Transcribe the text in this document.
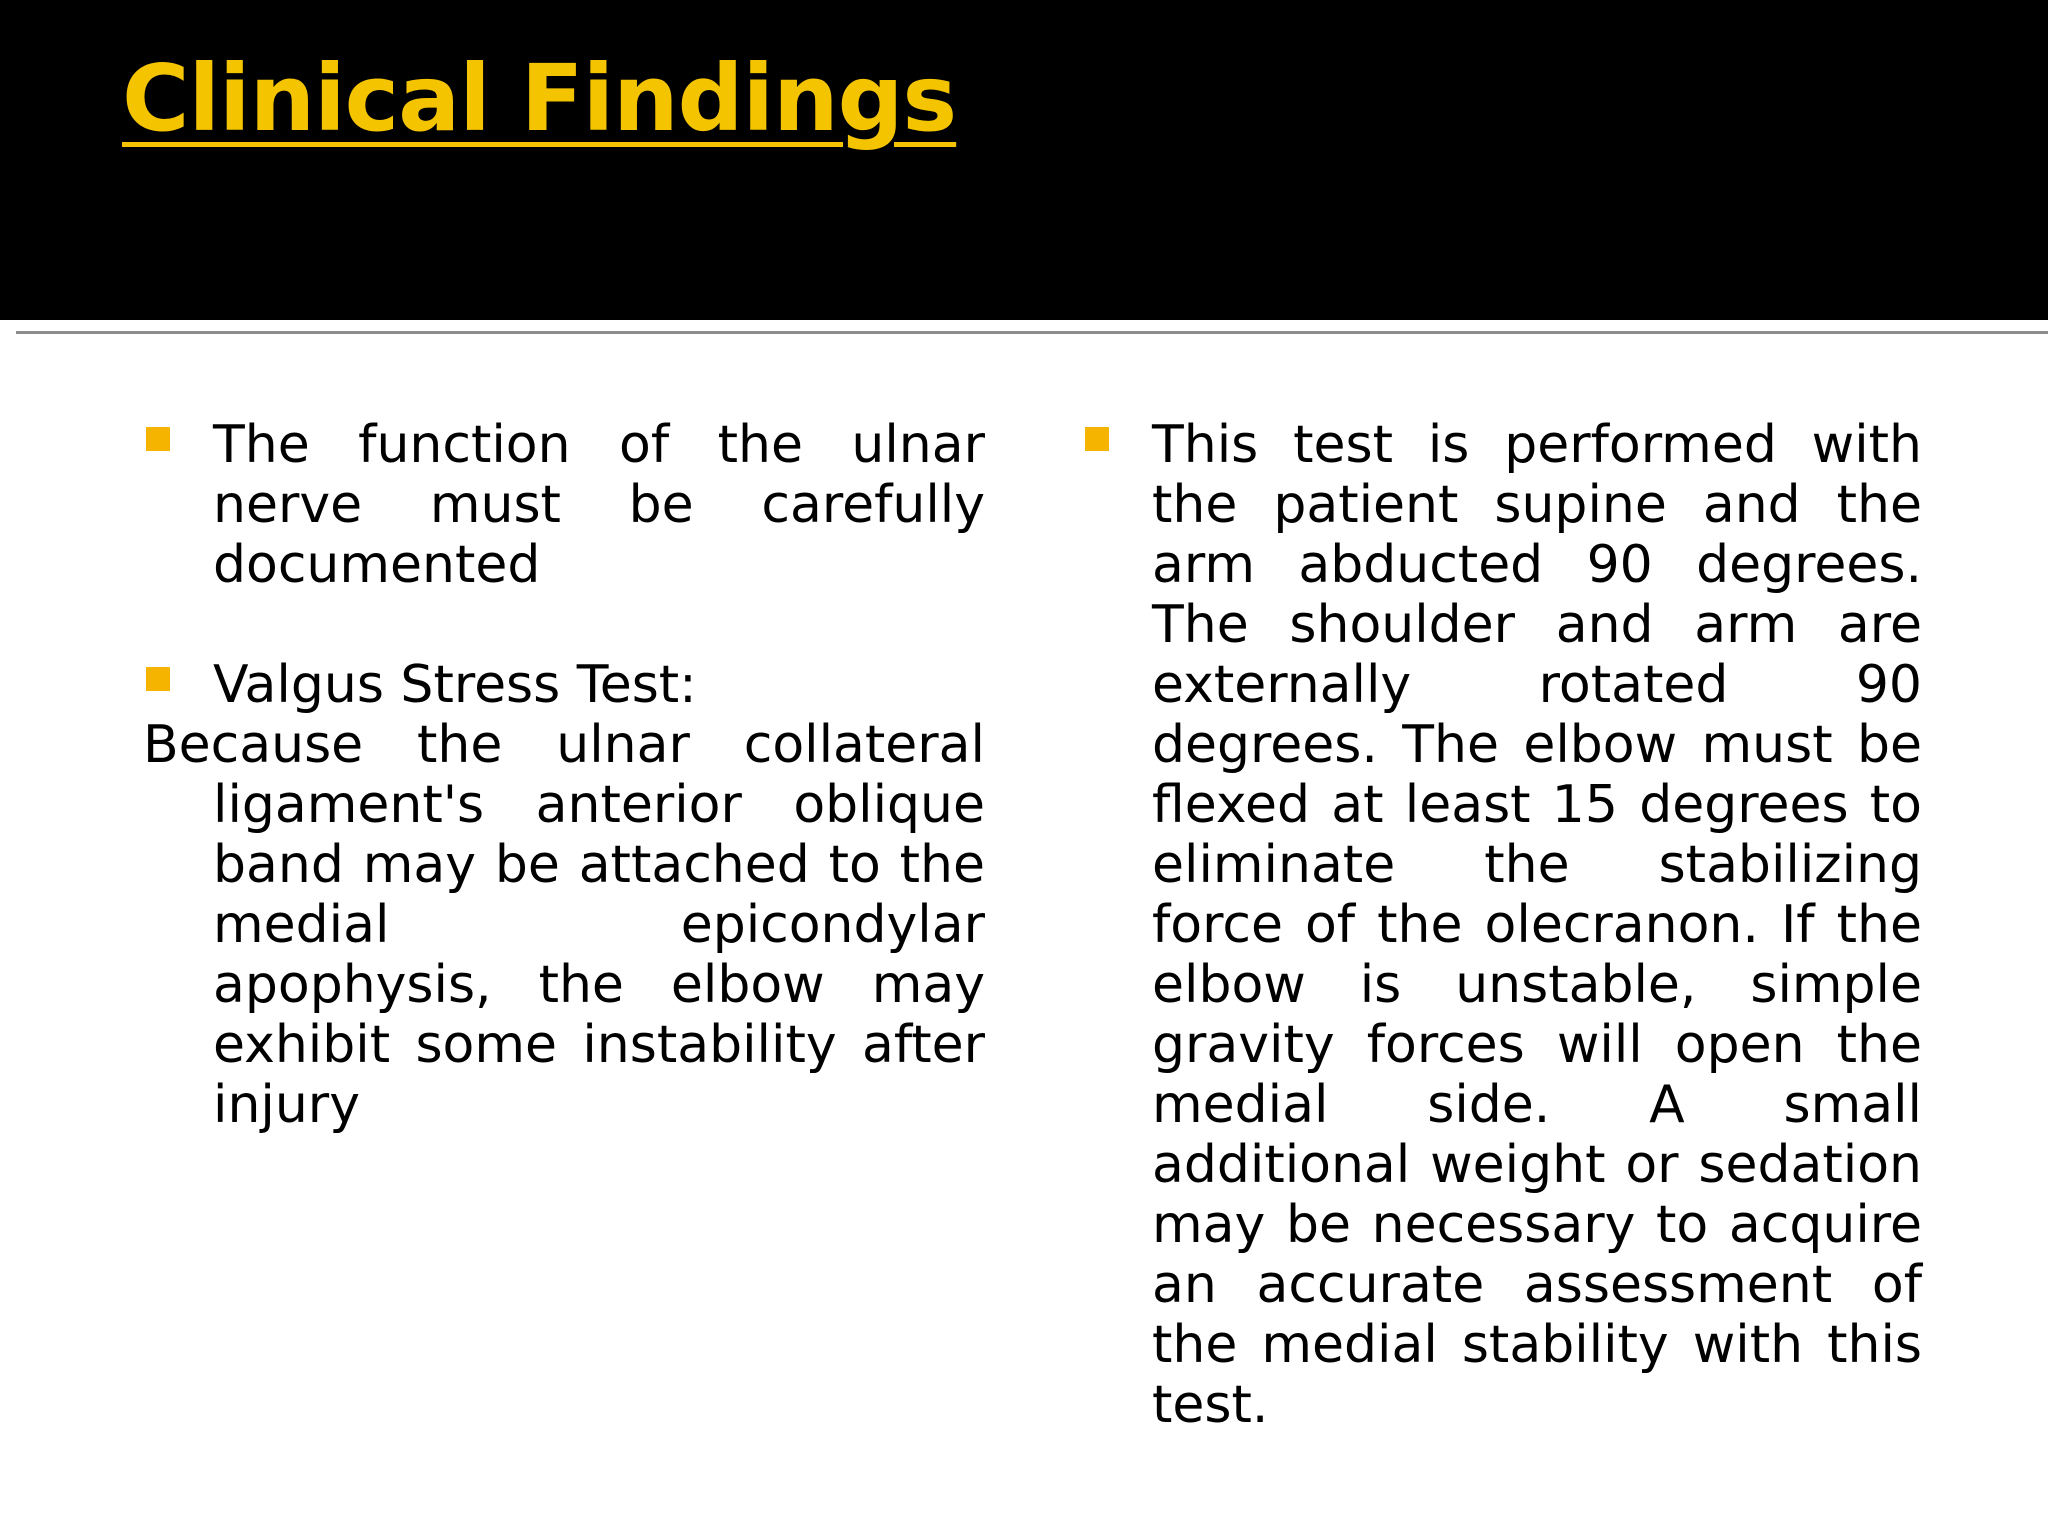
Clinical Findings

The function of the ulnar nerve must be carefully documented

Valgus Stress Test:

Because the ulnar collateral ligament's anterior oblique band may be attached to the medial epicondylar apophysis, the elbow may exhibit some instability after injury

This test is performed with the patient supine and the arm abducted 90 degrees. The shoulder and arm are externally rotated 90 degrees. The elbow must be flexed at least 15 degrees to eliminate the stabilizing force of the olecranon. If the elbow is unstable, simple gravity forces will open the medial side. A small additional weight or sedation may be necessary to acquire an accurate assessment of the medial stability with this test.
